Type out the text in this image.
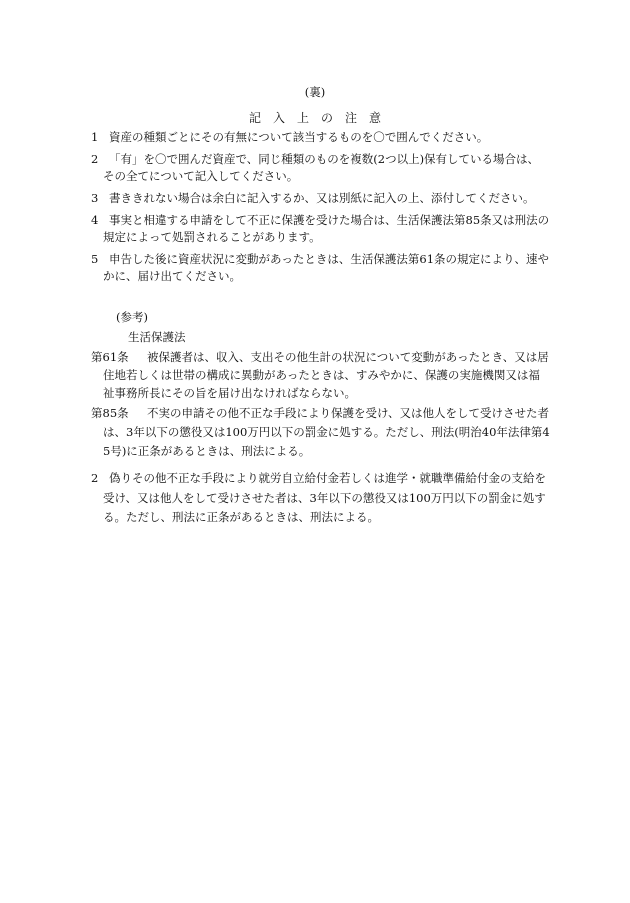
(裏)
記入上の注意
1 資産の種類ごとにその有無について該当するものを〇で囲んでください。
2 「有」を〇で囲んだ資産で、同じ種類のものを複数(2つ以上)保有している場合は、
その全てについて記入してください。
3 書ききれない場合は余白に記入するか、又は別紙に記入の上、添付してください。
4 事実と相違する申請をして不正に保護を受けた場合は、生活保護法第85条又は刑法の
規定によって処罰されることがあります。
5 申告した後に資産状況に変動があったときは、生活保護法第61条の規定により、速や
かに、届け出てください。
(参考)
生活保護法
第61条 被保護者は、収入、支出その他生計の状況について変動があったとき、又は居
住地若しくは世帯の構成に異動があったときは、すみやかに、保護の実施機関又は福
祉事務所長にその旨を届け出なければならない。
第85条 不実の申請その他不正な手段により保護を受け、又は他人をして受けさせた者
は、3年以下の懲役又は100万円以下の罰金に処する。ただし、刑法(明治40年法律第4
5号)に正条があるときは、刑法による。
2 偽りその他不正な手段により就労自立給付金若しくは進学・就職準備給付金の支給を
受け、又は他人をして受けさせた者は、3年以下の懲役又は100万円以下の罰金に処す
る。ただし、刑法に正条があるときは、刑法による。
